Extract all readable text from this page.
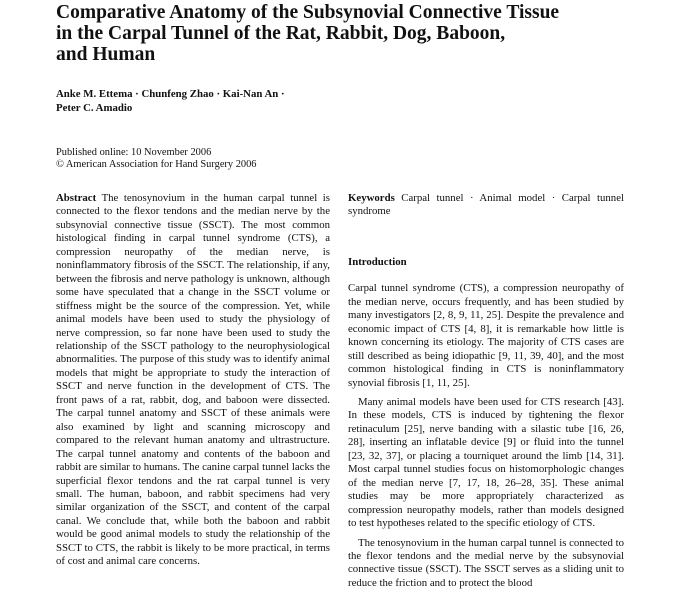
Comparative Anatomy of the Subsynovial Connective Tissue
in the Carpal Tunnel of the Rat, Rabbit, Dog, Baboon,
and Human
Anke M. Ettema · Chunfeng Zhao · Kai-Nan An ·
Peter C. Amadio
Published online: 10 November 2006
© American Association for Hand Surgery 2006

Abstract The tenosynovium in the human carpal tunnel is connected to the flexor tendons and the median nerve by the subsynovial connective tissue (SSCT). The most common histological finding in carpal tunnel syndrome (CTS), a compression neuropathy of the median nerve, is noninflammatory fibrosis of the SSCT. The relationship, if any, between the fibrosis and nerve pathology is unknown, although some have speculated that a change in the SSCT volume or stiffness might be the source of the compression. Yet, while animal models have been used to study the physiology of nerve compression, so far none have been used to study the relationship of the SSCT pathology to the neurophysiological abnormalities. The purpose of this study was to identify animal models that might be appropriate to study the interaction of SSCT and nerve function in the development of CTS. The front paws of a rat, rabbit, dog, and baboon were dissected. The carpal tunnel anatomy and SSCT of these animals were also examined by light and scanning microscopy and compared to the relevant human anatomy and ultrastructure. The carpal tunnel anatomy and contents of the baboon and rabbit are similar to humans. The canine carpal tunnel lacks the superficial flexor tendons and the rat carpal tunnel is very small. The human, baboon, and rabbit specimens had very similar organization of the SSCT, and content of the carpal canal. We conclude that, while both the baboon and rabbit would be good animal models to study the relationship of the SSCT to CTS, the rabbit is likely to be more practical, in terms of cost and animal care concerns.

Keywords Carpal tunnel · Animal model · Carpal tunnel syndrome

Introduction

Carpal tunnel syndrome (CTS), a compression neuropathy of the median nerve, occurs frequently, and has been studied by many investigators [2, 8, 9, 11, 25]. Despite the prevalence and economic impact of CTS [4, 8], it is remarkable how little is known concerning its etiology. The majority of CTS cases are still described as being idiopathic [9, 11, 39, 40], and the most common histological finding in CTS is noninflammatory synovial fibrosis [1, 11, 25].

Many animal models have been used for CTS research [43]. In these models, CTS is induced by tightening the flexor retinaculum [25], nerve banding with a silastic tube [16, 26, 28], inserting an inflatable device [9] or fluid into the tunnel [23, 32, 37], or placing a tourniquet around the limb [14, 31]. Most carpal tunnel studies focus on histomorphologic changes of the median nerve [7, 17, 18, 26–28, 35]. These animal studies may be more appropriately characterized as compression neuropathy models, rather than models designed to test hypotheses related to the specific etiology of CTS.

The tenosynovium in the human carpal tunnel is connected to the flexor tendons and the medial nerve by the subsynovial connective tissue (SSCT). The SSCT serves as a sliding unit to reduce the friction and to protect the blood
